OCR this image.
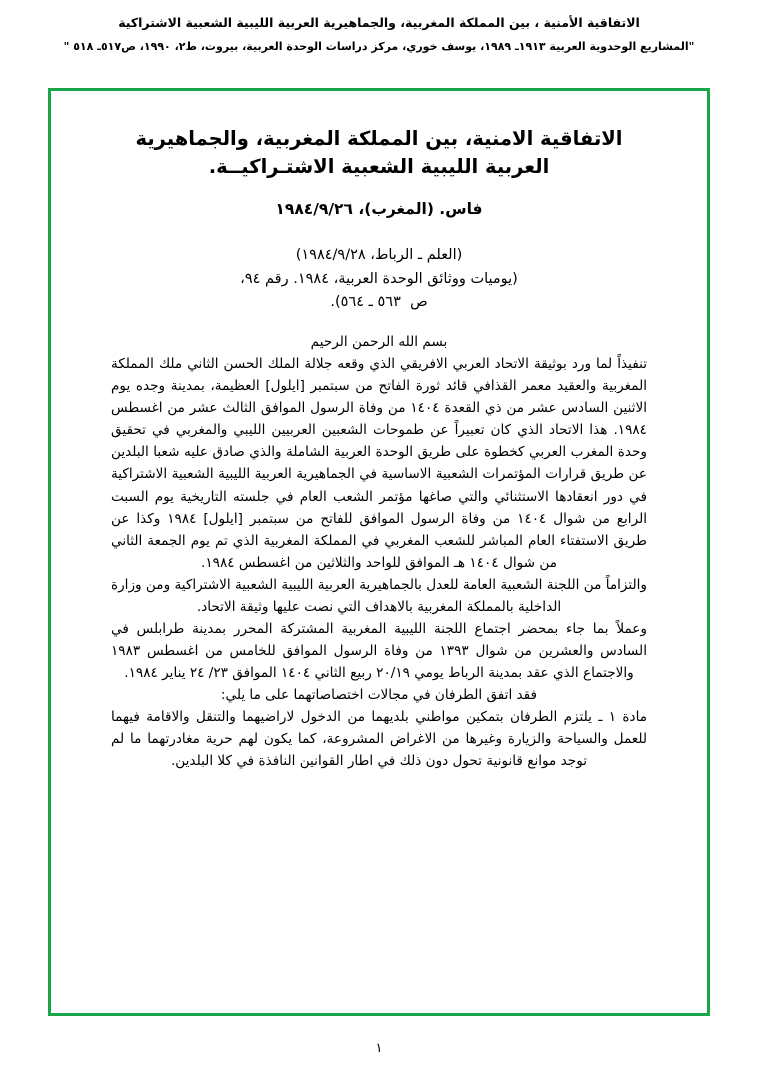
الاتفاقية الأمنية ، بين المملكة المغربية، والجماهيرية العربية الليبية الشعبية الاشتراكية
"المشاريع الوحدوية العربية ١٩١٣ـ ١٩٨٩، يوسف خوري، مركز دراسات الوحدة العربية، بيروت، ط٢، ١٩٩٠، ص٥١٧ـ ٥١٨ "
الاتفاقية الامنية، بين المملكة المغربية، والجماهيرية العربية الليبية الشعبية الاشتـراكيــة.
فاس. (المغرب)، ١٩٨٤/٩/٢٦
(العلم ـ الرباط، ١٩٨٤/٩/٢٨)
(يوميات ووثائق الوحدة العربية، ١٩٨٤. رقم ٩٤،
ص  ٥٦٣ ـ ٥٦٤).

بسم الله الرحمن الرحيم

تنفيذاً لما ورد بوثيقة الاتحاد العربي الافريقي الذي وقعه جلالة الملك الحسن الثاني ملك المملكة المغربية والعقيد معمر القذافي قائد ثورة الفاتح من سبتمبر [ايلول] العظيمة، بمدينة وجده يوم الاثنين السادس عشر من ذي القعدة ١٤٠٤ من وفاة الرسول الموافق الثالث عشر من اغسطس ١٩٨٤. هذا الاتحاد الذي كان تعبيراً عن طموحات الشعبين العربيين الليبي والمغربي في تحقيق وحدة المغرب العربي كخطوة على طريق الوحدة العربية الشاملة والذي صادق عليه شعبا البلدين عن طريق قرارات المؤتمرات الشعبية الاساسية في الجماهيرية العربية الليبية الشعبية الاشتراكية في دور انعقادها الاستثنائي والتي صاغها مؤتمر الشعب العام في جلسته التاريخية يوم السبت الرابع من شوال ١٤٠٤ من وفاة الرسول الموافق للفاتح من سبتمبر [ايلول] ١٩٨٤ وكذا عن طريق الاستفتاء العام المباشر للشعب المغربي في المملكة المغربية الذي تم يوم الجمعة الثاني من شوال ١٤٠٤ هـ الموافق للواحد والثلاثين من اغسطس ١٩٨٤.

والتزاماً من اللجنة الشعبية العامة للعدل بالجماهيرية العربية الليبية الشعبية الاشتراكية ومن وزارة الداخلية بالمملكة المغربية بالاهداف التي نصت عليها وثيقة الاتحاد.

وعملاً بما جاء بمحضر اجتماع اللجنة الليبية المغربية المشتركة المحرر بمدينة طرابلس في السادس والعشرين من شوال ١٣٩٣ من وفاة الرسول الموافق للخامس من اغسطس ١٩٨٣ والاجتماع الذي عقد بمدينة الرباط يومي ٢٠/١٩ ربيع الثاني ١٤٠٤ الموافق ٢٣/ ٢٤ يناير ١٩٨٤.

فقد اتفق الطرفان في مجالات اختصاصاتهما على ما يلي:

مادة ١ ـ يلتزم الطرفان بتمكين مواطني بلديهما من الدخول لاراضيهما والتنقل والاقامة فيهما للعمل والسياحة والزيارة وغيرها من الاغراض المشروعة، كما يكون لهم حرية مغادرتهما ما لم توجد موانع قانونية تحول دون ذلك في اطار القوانين النافذة في كلا البلدين.

١
